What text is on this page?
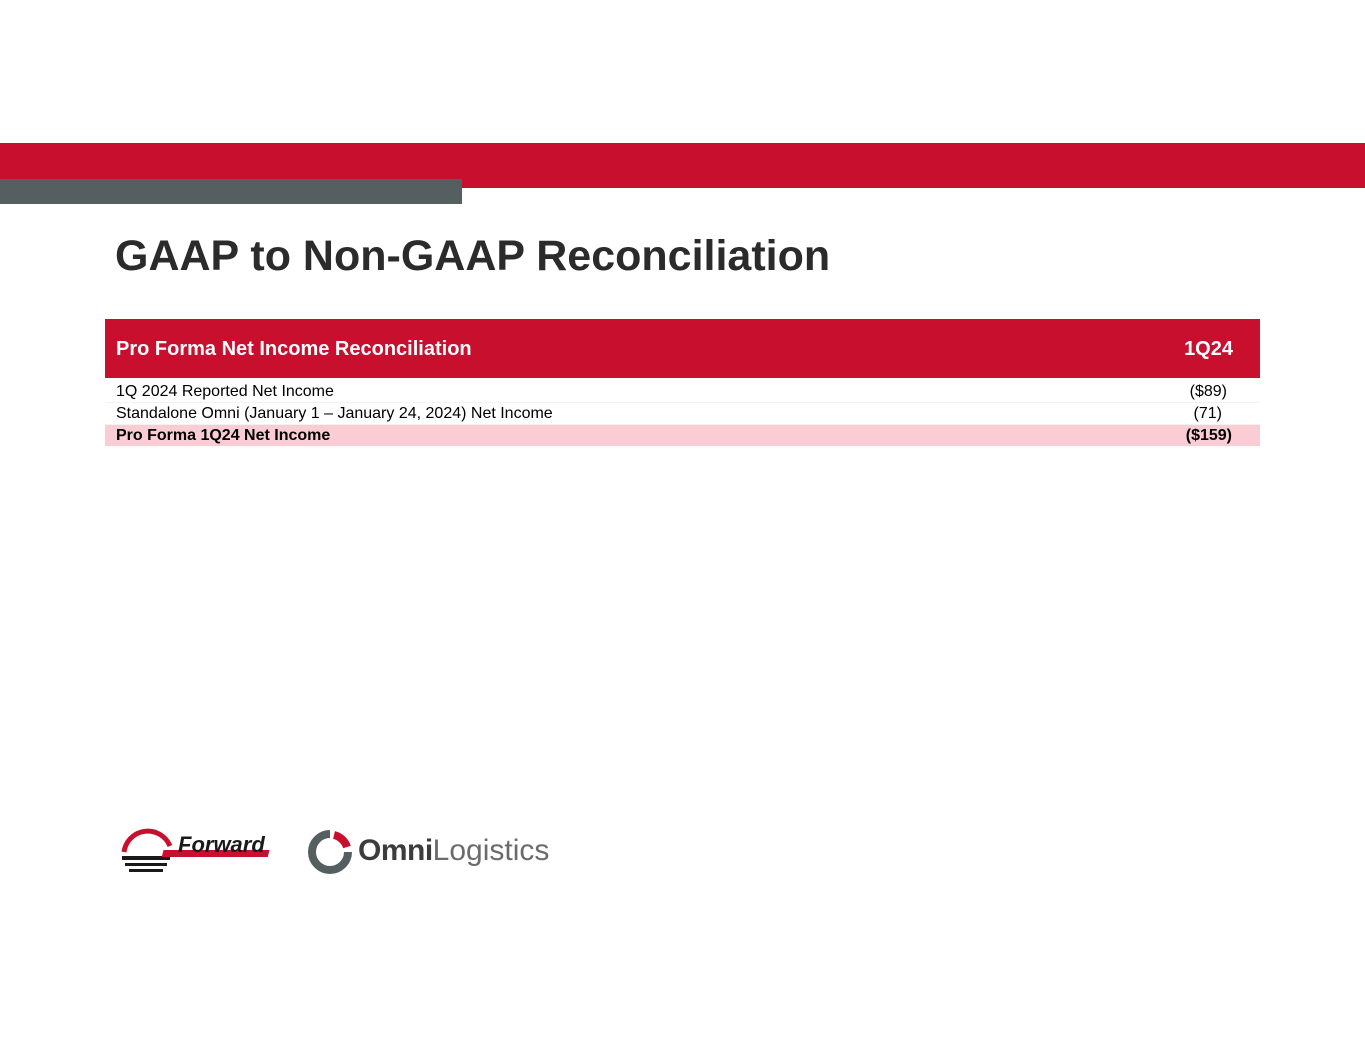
GAAP to Non-GAAP Reconciliation
Pro Forma Net Income Reconciliation	1Q24
1Q 2024 Reported Net Income	($89)
Standalone Omni (January 1 – January 24, 2024) Net Income	(71)
Pro Forma 1Q24 Net Income	($159)
Forward	OmniLogistics
